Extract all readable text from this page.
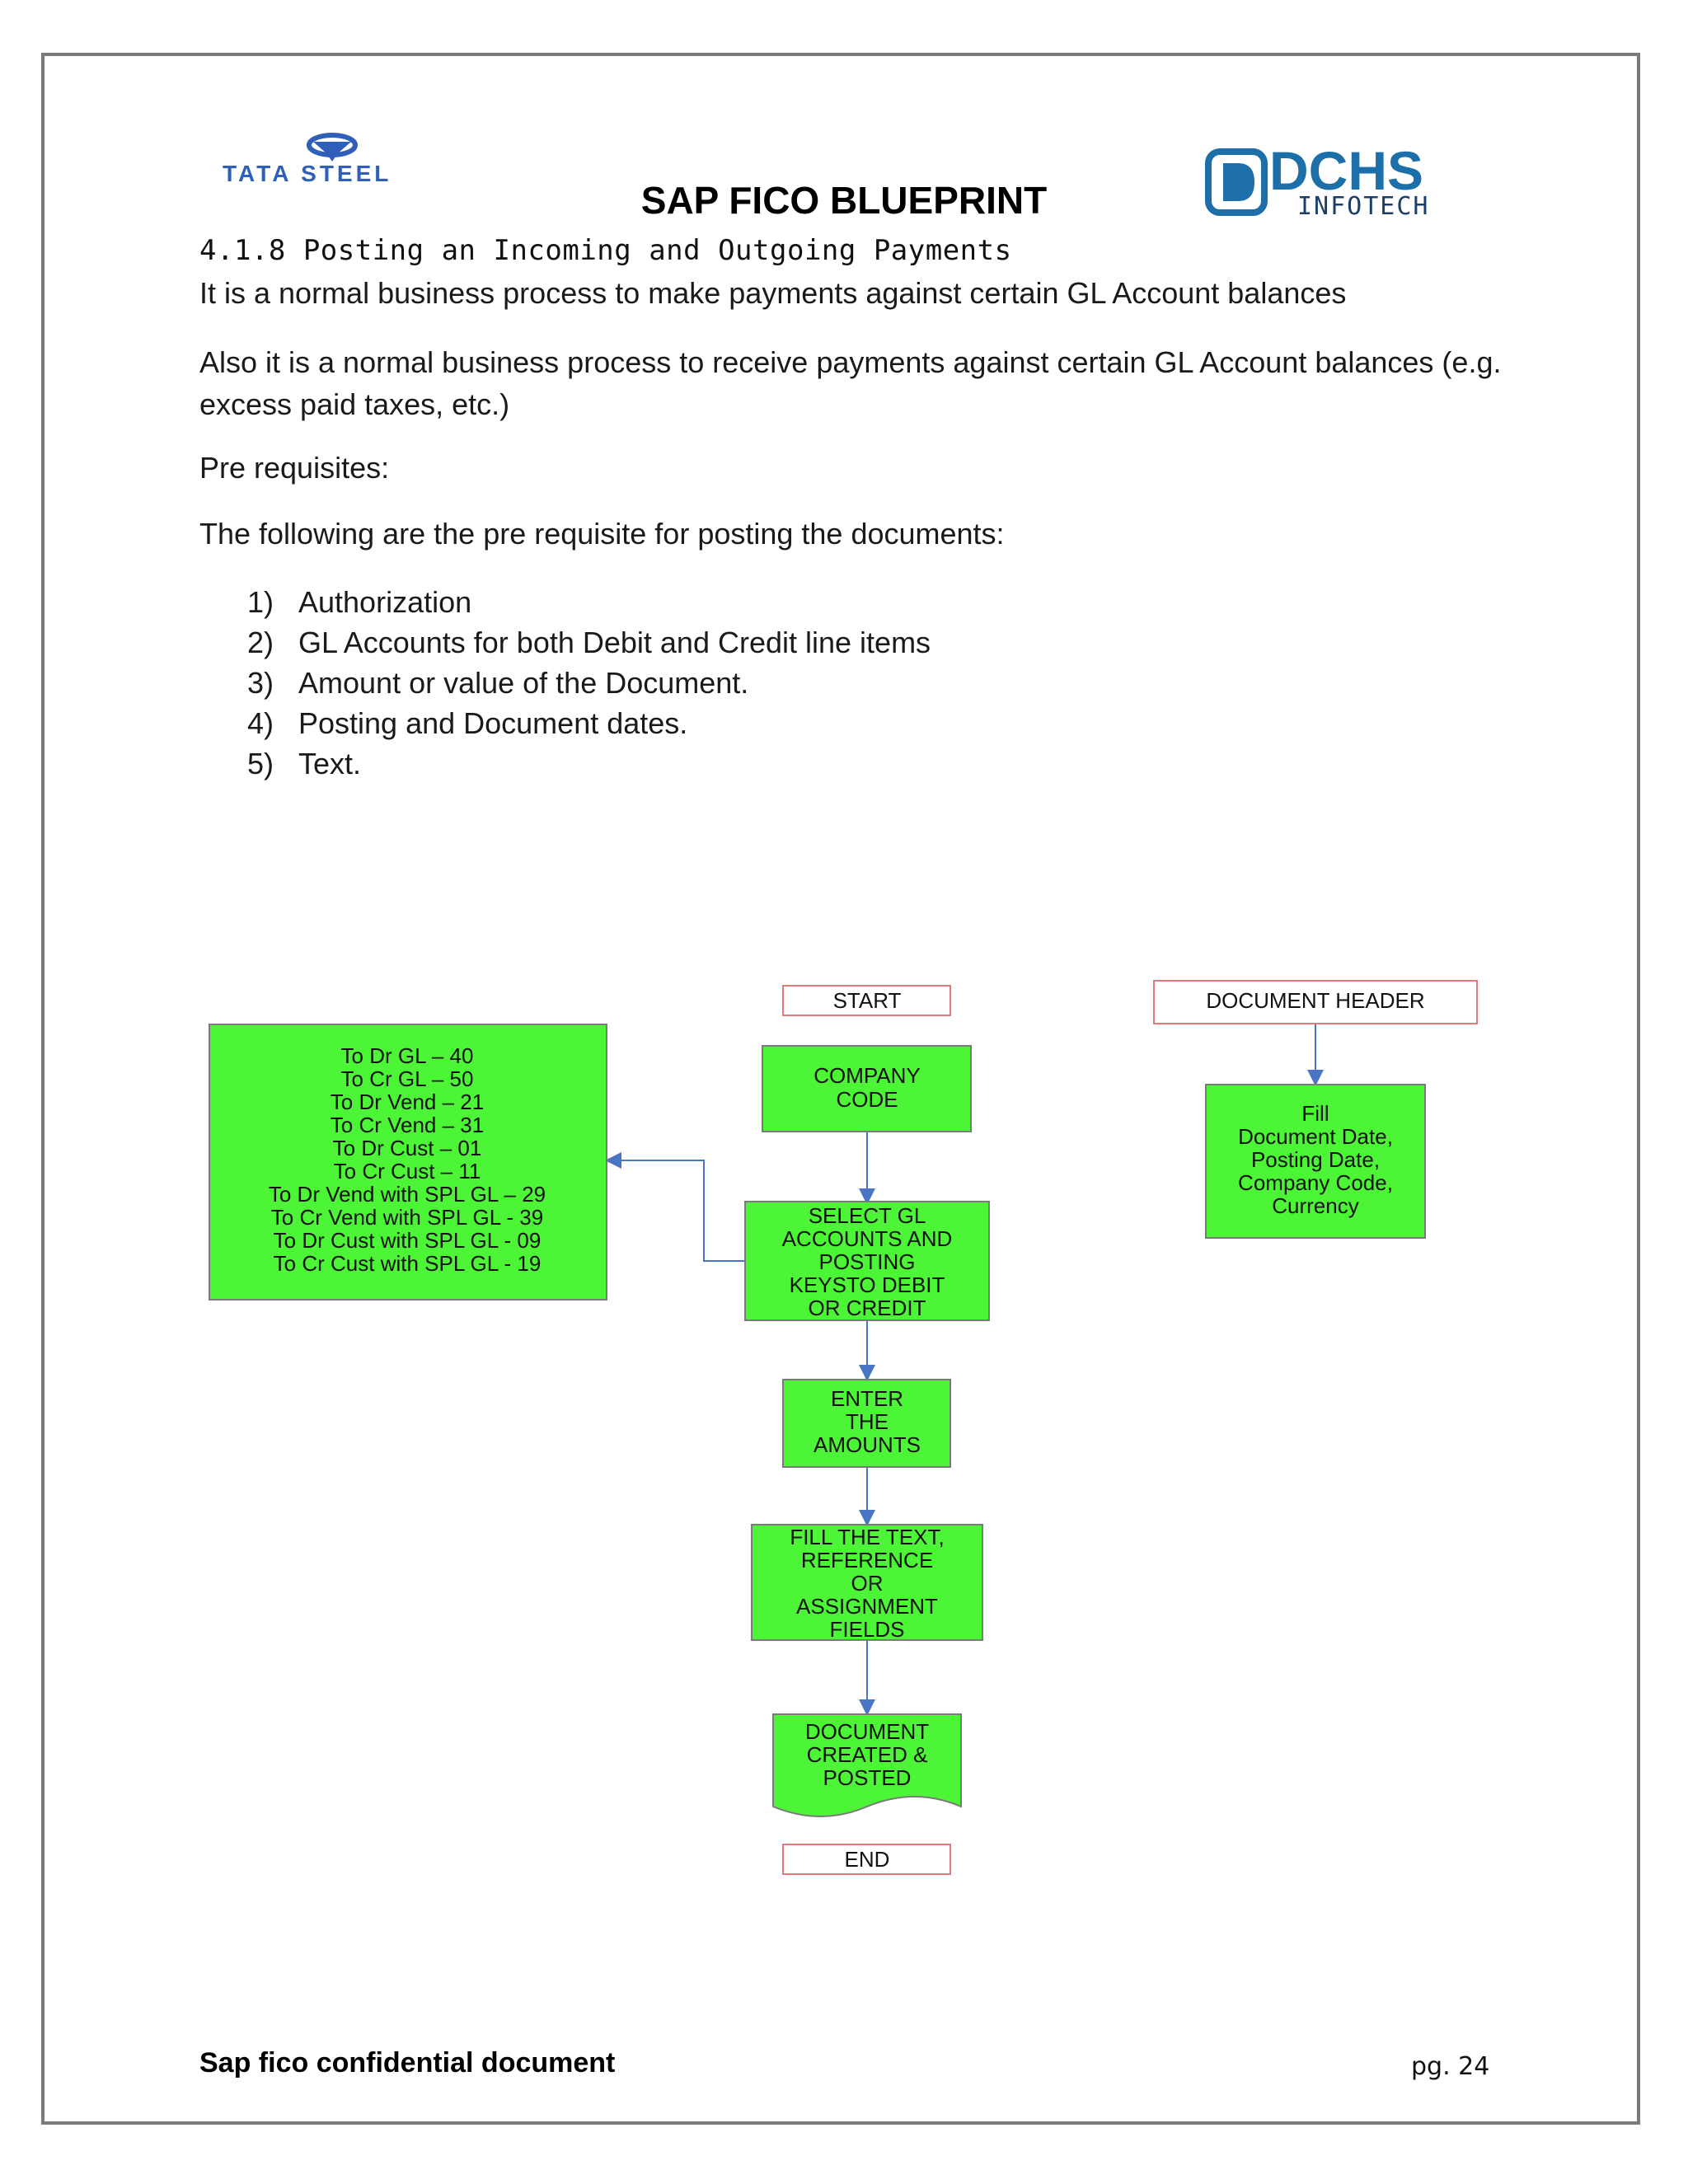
TATA STEEL	DCHS
INFOTECH
SAP FICO BLUEPRINT
4.1.8 Posting an Incoming and Outgoing Payments
It is a normal business process to make payments against certain GL Account balances
Also it is a normal business process to receive payments against certain GL Account balances (e.g. excess paid taxes, etc.)
Pre requisites:
The following are the pre requisite for posting the documents:
1) Authorization
2) GL Accounts for both Debit and Credit line items
3) Amount or value of the Document.
4) Posting and Document dates.
5) Text.
START	DOCUMENT HEADER
COMPANY
CODE
To Dr GL – 40
To Cr GL – 50
To Dr Vend – 21
To Cr Vend – 31
To Dr Cust – 01
To Cr Cust – 11
To Dr Vend with SPL GL – 29
To Cr Vend with SPL GL - 39
To Dr Cust with SPL GL - 09
To Cr Cust with SPL GL - 19
SELECT GL
ACCOUNTS AND
POSTING
KEYSTO DEBIT
OR CREDIT
Fill
Document Date,
Posting Date,
Company Code,
Currency
ENTER
THE
AMOUNTS
FILL THE TEXT,
REFERENCE
OR
ASSIGNMENT
FIELDS
DOCUMENT
CREATED &
POSTED
END
Sap fico confidential document	pg. 24
